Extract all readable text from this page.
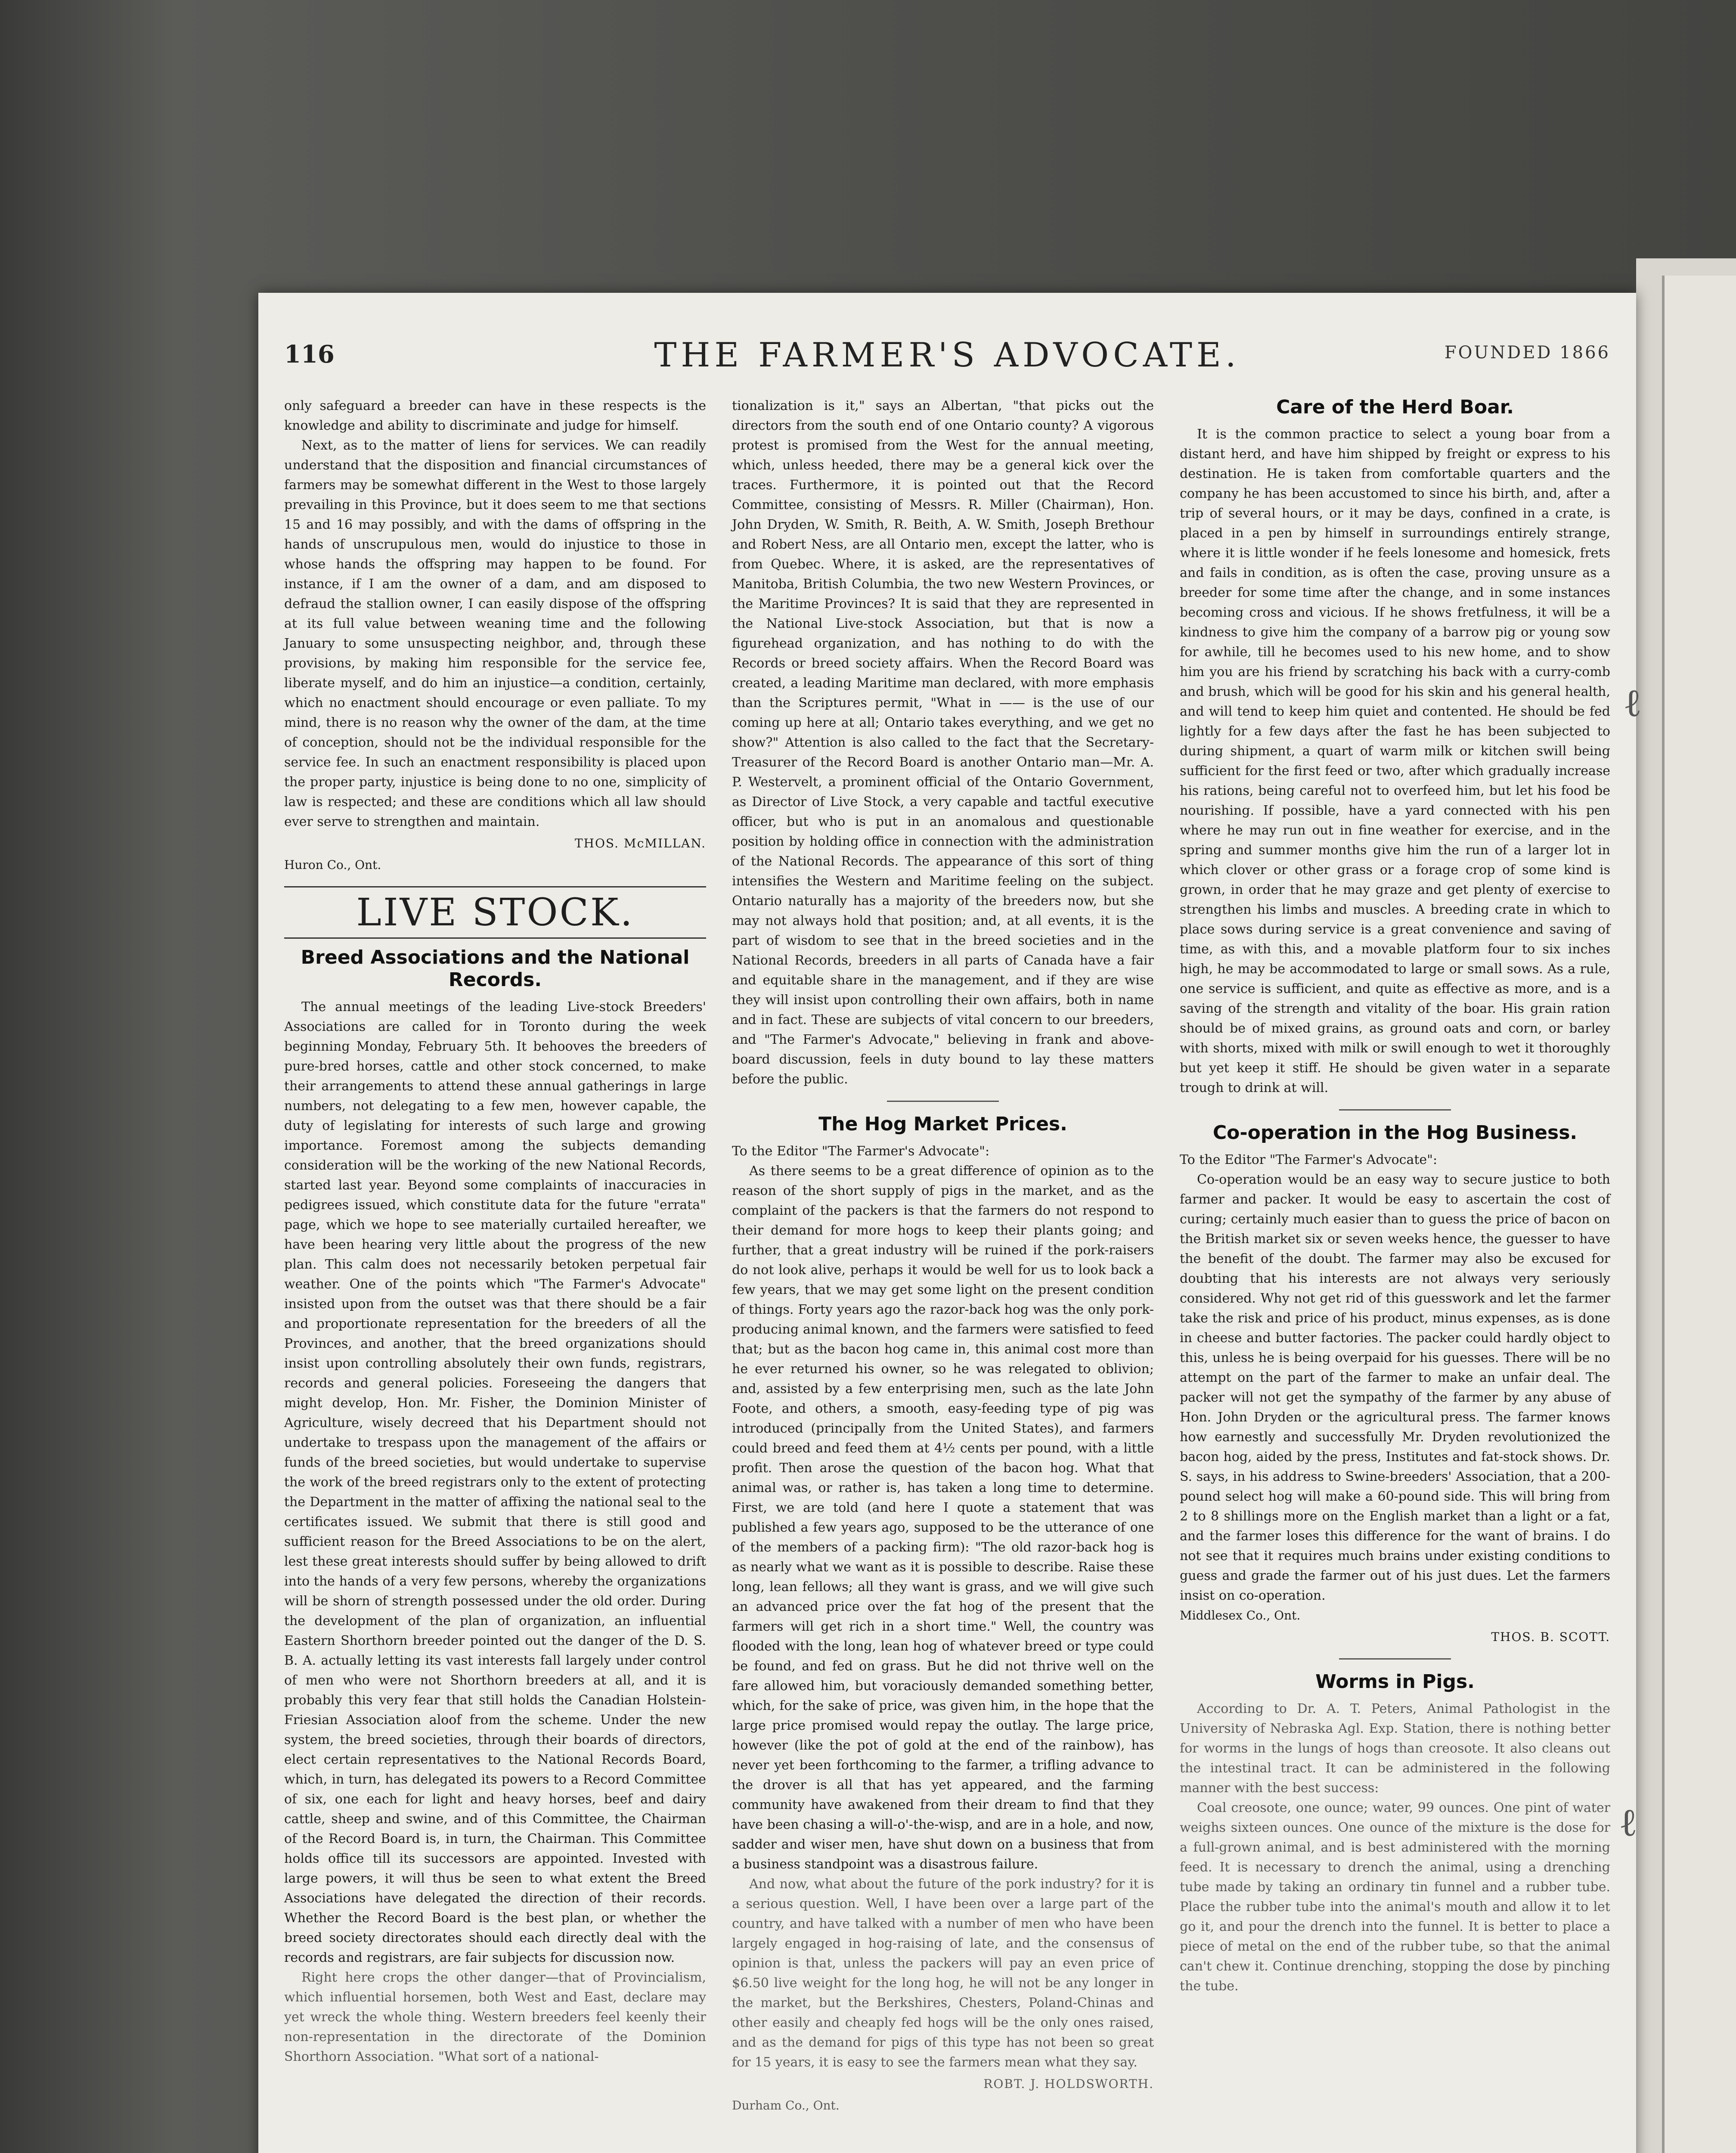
116	THE FARMER'S ADVOCATE.	FOUNDED 1866

only safeguard a breeder can have in these respects is the knowledge and ability to discriminate and judge for himself.

Next, as to the matter of liens for services. We can readily understand that the disposition and financial circumstances of farmers may be somewhat different in the West to those largely prevailing in this Province, but it does seem to me that sections 15 and 16 may possibly, and with the dams of offspring in the hands of unscrupulous men, would do injustice to those in whose hands the offspring may happen to be found. For instance, if I am the owner of a dam, and am disposed to defraud the stallion owner, I can easily dispose of the offspring at its full value between weaning time and the following January to some unsuspecting neighbor, and, through these provisions, by making him responsible for the service fee, liberate myself, and do him an injustice—a condition, certainly, which no enactment should encourage or even palliate. To my mind, there is no reason why the owner of the dam, at the time of conception, should not be the individual responsible for the service fee. In such an enactment responsibility is placed upon the proper party, injustice is being done to no one, simplicity of law is respected; and these are conditions which all law should ever serve to strengthen and maintain.

THOS. McMILLAN.
Huron Co., Ont.
LIVE STOCK.
Breed Associations and the National Records.

The annual meetings of the leading Live-stock Breeders' Associations are called for in Toronto during the week beginning Monday, February 5th. It behooves the breeders of pure-bred horses, cattle and other stock concerned, to make their arrangements to attend these annual gatherings in large numbers, not delegating to a few men, however capable, the duty of legislating for interests of such large and growing importance. Foremost among the subjects demanding consideration will be the working of the new National Records, started last year. Beyond some complaints of inaccuracies in pedigrees issued, which constitute data for the future "errata" page, which we hope to see materially curtailed hereafter, we have been hearing very little about the progress of the new plan. This calm does not necessarily betoken perpetual fair weather. One of the points which "The Farmer's Advocate" insisted upon from the outset was that there should be a fair and proportionate representation for the breeders of all the Provinces, and another, that the breed organizations should insist upon controlling absolutely their own funds, registrars, records and general policies. Foreseeing the dangers that might develop, Hon. Mr. Fisher, the Dominion Minister of Agriculture, wisely decreed that his Department should not undertake to trespass upon the management of the affairs or funds of the breed societies, but would undertake to supervise the work of the breed registrars only to the extent of protecting the Department in the matter of affixing the national seal to the certificates issued. We submit that there is still good and sufficient reason for the Breed Associations to be on the alert, lest these great interests should suffer by being allowed to drift into the hands of a very few persons, whereby the organizations will be shorn of strength possessed under the old order. During the development of the plan of organization, an influential Eastern Shorthorn breeder pointed out the danger of the D. S. B. A. actually letting its vast interests fall largely under control of men who were not Shorthorn breeders at all, and it is probably this very fear that still holds the Canadian Holstein-Friesian Association aloof from the scheme. Under the new system, the breed societies, through their boards of directors, elect certain representatives to the National Records Board, which, in turn, has delegated its powers to a Record Committee of six, one each for light and heavy horses, beef and dairy cattle, sheep and swine, and of this Committee, the Chairman of the Record Board is, in turn, the Chairman. This Committee holds office till its successors are appointed. Invested with large powers, it will thus be seen to what extent the Breed Associations have delegated the direction of their records. Whether the Record Board is the best plan, or whether the breed society directorates should each directly deal with the records and registrars, are fair subjects for discussion now.

Right here crops the other danger—that of Provincialism, which influential horsemen, both West and East, declare may yet wreck the whole thing. Western breeders feel keenly their non-representation in the directorate of the Dominion Shorthorn Association. "What sort of a national-

tionalization is it," says an Albertan, "that picks out the directors from the south end of one Ontario county? A vigorous protest is promised from the West for the annual meeting, which, unless heeded, there may be a general kick over the traces. Furthermore, it is pointed out that the Record Committee, consisting of Messrs. R. Miller (Chairman), Hon. John Dryden, W. Smith, R. Beith, A. W. Smith, Joseph Brethour and Robert Ness, are all Ontario men, except the latter, who is from Quebec. Where, it is asked, are the representatives of Manitoba, British Columbia, the two new Western Provinces, or the Maritime Provinces? It is said that they are represented in the National Live-stock Association, but that is now a figurehead organization, and has nothing to do with the Records or breed society affairs. When the Record Board was created, a leading Maritime man declared, with more emphasis than the Scriptures permit, "What in —— is the use of our coming up here at all; Ontario takes everything, and we get no show?" Attention is also called to the fact that the Secretary-Treasurer of the Record Board is another Ontario man—Mr. A. P. Westervelt, a prominent official of the Ontario Government, as Director of Live Stock, a very capable and tactful executive officer, but who is put in an anomalous and questionable position by holding office in connection with the administration of the National Records. The appearance of this sort of thing intensifies the Western and Maritime feeling on the subject. Ontario naturally has a majority of the breeders now, but she may not always hold that position; and, at all events, it is the part of wisdom to see that in the breed societies and in the National Records, breeders in all parts of Canada have a fair and equitable share in the management, and if they are wise they will insist upon controlling their own affairs, both in name and in fact. These are subjects of vital concern to our breeders, and "The Farmer's Advocate," believing in frank and above-board discussion, feels in duty bound to lay these matters before the public.

The Hog Market Prices.

To the Editor "The Farmer's Advocate":

As there seems to be a great difference of opinion as to the reason of the short supply of pigs in the market, and as the complaint of the packers is that the farmers do not respond to their demand for more hogs to keep their plants going; and further, that a great industry will be ruined if the pork-raisers do not look alive, perhaps it would be well for us to look back a few years, that we may get some light on the present condition of things. Forty years ago the razor-back hog was the only pork-producing animal known, and the farmers were satisfied to feed that; but as the bacon hog came in, this animal cost more than he ever returned his owner, so he was relegated to oblivion; and, assisted by a few enterprising men, such as the late John Foote, and others, a smooth, easy-feeding type of pig was introduced (principally from the United States), and farmers could breed and feed them at 4½ cents per pound, with a little profit. Then arose the question of the bacon hog. What that animal was, or rather is, has taken a long time to determine. First, we are told (and here I quote a statement that was published a few years ago, supposed to be the utterance of one of the members of a packing firm): "The old razor-back hog is as nearly what we want as it is possible to describe. Raise these long, lean fellows; all they want is grass, and we will give such an advanced price over the fat hog of the present that the farmers will get rich in a short time." Well, the country was flooded with the long, lean hog of whatever breed or type could be found, and fed on grass. But he did not thrive well on the fare allowed him, but voraciously demanded something better, which, for the sake of price, was given him, in the hope that the large price promised would repay the outlay. The large price, however (like the pot of gold at the end of the rainbow), has never yet been forthcoming to the farmer, a trifling advance to the drover is all that has yet appeared, and the farming community have awakened from their dream to find that they have been chasing a will-o'-the-wisp, and are in a hole, and now, sadder and wiser men, have shut down on a business that from a business standpoint was a disastrous failure.

And now, what about the future of the pork industry? for it is a serious question. Well, I have been over a large part of the country, and have talked with a number of men who have been largely engaged in hog-raising of late, and the consensus of opinion is that, unless the packers will pay an even price of $6.50 live weight for the long hog, he will not be any longer in the market, but the Berkshires, Chesters, Poland-Chinas and other easily and cheaply fed hogs will be the only ones raised, and as the demand for pigs of this type has not been so great for 15 years, it is easy to see the farmers mean what they say.

ROBT. J. HOLDSWORTH.
Durham Co., Ont.
Care of the Herd Boar.

It is the common practice to select a young boar from a distant herd, and have him shipped by freight or express to his destination. He is taken from comfortable quarters and the company he has been accustomed to since his birth, and, after a trip of several hours, or it may be days, confined in a crate, is placed in a pen by himself in surroundings entirely strange, where it is little wonder if he feels lonesome and homesick, frets and fails in condition, as is often the case, proving unsure as a breeder for some time after the change, and in some instances becoming cross and vicious. If he shows fretfulness, it will be a kindness to give him the company of a barrow pig or young sow for awhile, till he becomes used to his new home, and to show him you are his friend by scratching his back with a curry-comb and brush, which will be good for his skin and his general health, and will tend to keep him quiet and contented. He should be fed lightly for a few days after the fast he has been subjected to during shipment, a quart of warm milk or kitchen swill being sufficient for the first feed or two, after which gradually increase his rations, being careful not to overfeed him, but let his food be nourishing. If possible, have a yard connected with his pen where he may run out in fine weather for exercise, and in the spring and summer months give him the run of a larger lot in which clover or other grass or a forage crop of some kind is grown, in order that he may graze and get plenty of exercise to strengthen his limbs and muscles. A breeding crate in which to place sows during service is a great convenience and saving of time, as with this, and a movable platform four to six inches high, he may be accommodated to large or small sows. As a rule, one service is sufficient, and quite as effective as more, and is a saving of the strength and vitality of the boar. His grain ration should be of mixed grains, as ground oats and corn, or barley with shorts, mixed with milk or swill enough to wet it thoroughly but yet keep it stiff. He should be given water in a separate trough to drink at will.

Co-operation in the Hog Business.

To the Editor "The Farmer's Advocate":

Co-operation would be an easy way to secure justice to both farmer and packer. It would be easy to ascertain the cost of curing; certainly much easier than to guess the price of bacon on the British market six or seven weeks hence, the guesser to have the benefit of the doubt. The farmer may also be excused for doubting that his interests are not always very seriously considered. Why not get rid of this guesswork and let the farmer take the risk and price of his product, minus expenses, as is done in cheese and butter factories. The packer could hardly object to this, unless he is being overpaid for his guesses. There will be no attempt on the part of the farmer to make an unfair deal. The packer will not get the sympathy of the farmer by any abuse of Hon. John Dryden or the agricultural press. The farmer knows how earnestly and successfully Mr. Dryden revolutionized the bacon hog, aided by the press, Institutes and fat-stock shows. Dr. S. says, in his address to Swine-breeders' Association, that a 200-pound select hog will make a 60-pound side. This will bring from 2 to 8 shillings more on the English market than a light or a fat, and the farmer loses this difference for the want of brains. I do not see that it requires much brains under existing conditions to guess and grade the farmer out of his just dues. Let the farmers insist on co-operation.

Middlesex Co., Ont.
THOS. B. SCOTT.
Worms in Pigs.

According to Dr. A. T. Peters, Animal Pathologist in the University of Nebraska Agl. Exp. Station, there is nothing better for worms in the lungs of hogs than creosote. It also cleans out the intestinal tract. It can be administered in the following manner with the best success:

Coal creosote, one ounce; water, 99 ounces. One pint of water weighs sixteen ounces. One ounce of the mixture is the dose for a full-grown animal, and is best administered with the morning feed. It is necessary to drench the animal, using a drenching tube made by taking an ordinary tin funnel and a rubber tube. Place the rubber tube into the animal's mouth and allow it to let go it, and pour the drench into the funnel. It is better to place a piece of metal on the end of the rubber tube, so that the animal can't chew it. Continue drenching, stopping the dose by pinching the tube.

ℓ
ℓ
